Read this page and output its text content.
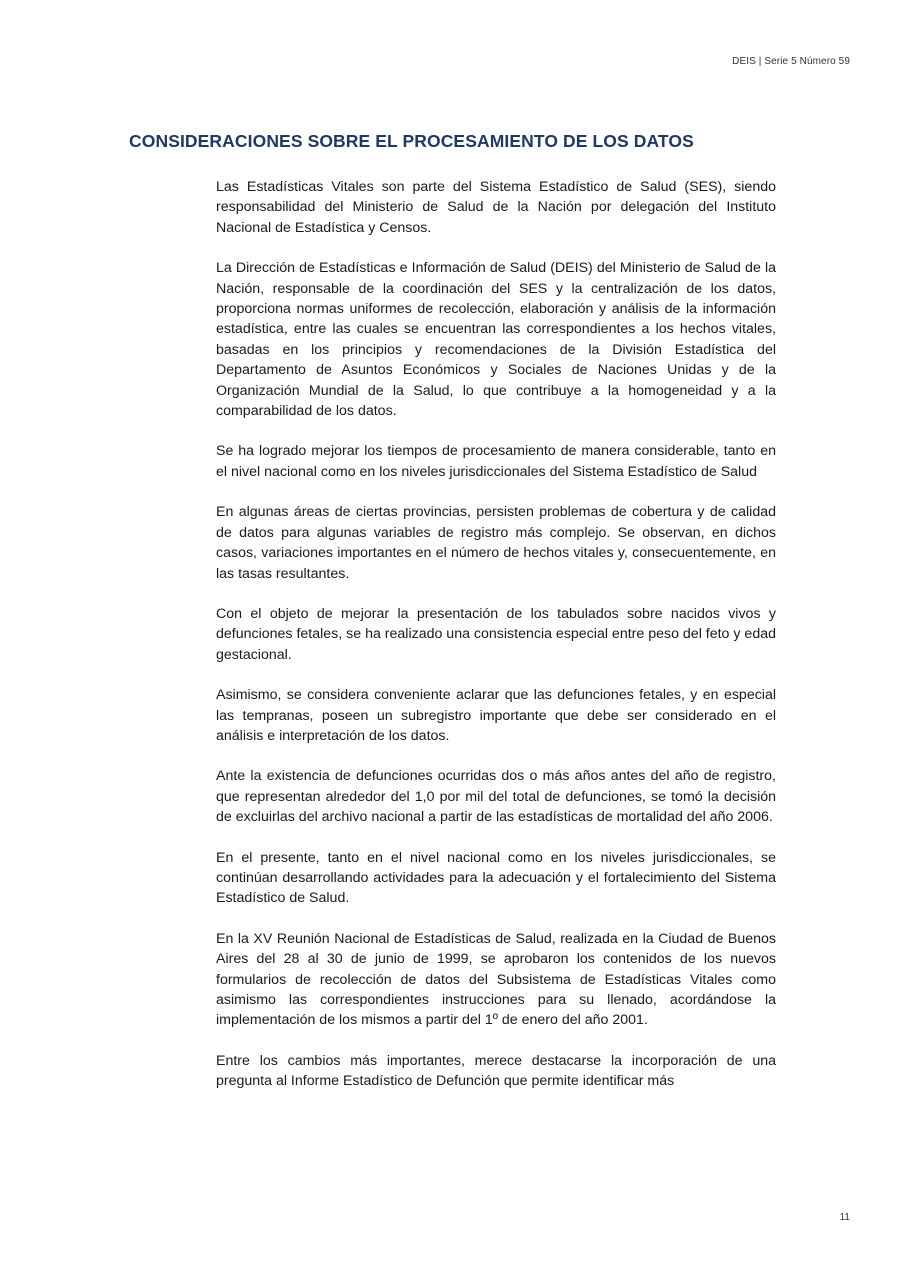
DEIS | Serie 5 Número 59
CONSIDERACIONES SOBRE EL PROCESAMIENTO DE LOS DATOS

Las Estadísticas Vitales son parte del Sistema Estadístico de Salud (SES), siendo responsabilidad del Ministerio de Salud de la Nación por delegación del Instituto Nacional de Estadística y Censos.

La Dirección de Estadísticas e Información de Salud (DEIS) del Ministerio de Salud de la Nación, responsable de la coordinación del SES y la centralización de los datos, proporciona normas uniformes de recolección, elaboración y análisis de la información estadística, entre las cuales se encuentran las correspondientes a los hechos vitales, basadas en los principios y recomendaciones de la División Estadística del Departamento de Asuntos Económicos y Sociales de Naciones Unidas y de la Organización Mundial de la Salud, lo que contribuye a la homogeneidad y a la comparabilidad de los datos.

Se ha logrado mejorar los tiempos de procesamiento de manera considerable, tanto en el nivel nacional como en los niveles jurisdiccionales del Sistema Estadístico de Salud

En algunas áreas de ciertas provincias, persisten problemas de cobertura y de calidad de datos para algunas variables de registro más complejo. Se observan, en dichos casos, variaciones importantes en el número de hechos vitales y, consecuentemente, en las tasas resultantes.

Con el objeto de mejorar la presentación de los tabulados sobre nacidos vivos y defunciones fetales, se ha realizado una consistencia especial entre peso del feto y edad gestacional.

Asimismo, se considera conveniente aclarar que las defunciones fetales, y en especial las tempranas, poseen un subregistro importante que debe ser considerado en el análisis e interpretación de los datos.

Ante la existencia de defunciones ocurridas dos o más años antes del año de registro, que representan alrededor del 1,0 por mil del total de defunciones, se tomó la decisión de excluirlas del archivo nacional a partir de las estadísticas de mortalidad del año 2006.

En el presente, tanto en el nivel nacional como en los niveles jurisdiccionales, se continúan desarrollando actividades para la adecuación y el fortalecimiento del Sistema Estadístico de Salud.

En la XV Reunión Nacional de Estadísticas de Salud, realizada en la Ciudad de Buenos Aires del 28 al 30 de junio de 1999, se aprobaron los contenidos de los nuevos formularios de recolección de datos del Subsistema de Estadísticas Vitales como asimismo las correspondientes instrucciones para su llenado, acordándose la implementación de los mismos a partir del 1º de enero del año 2001.

Entre los cambios más importantes, merece destacarse la incorporación de una pregunta al Informe Estadístico de Defunción que permite identificar más

11
